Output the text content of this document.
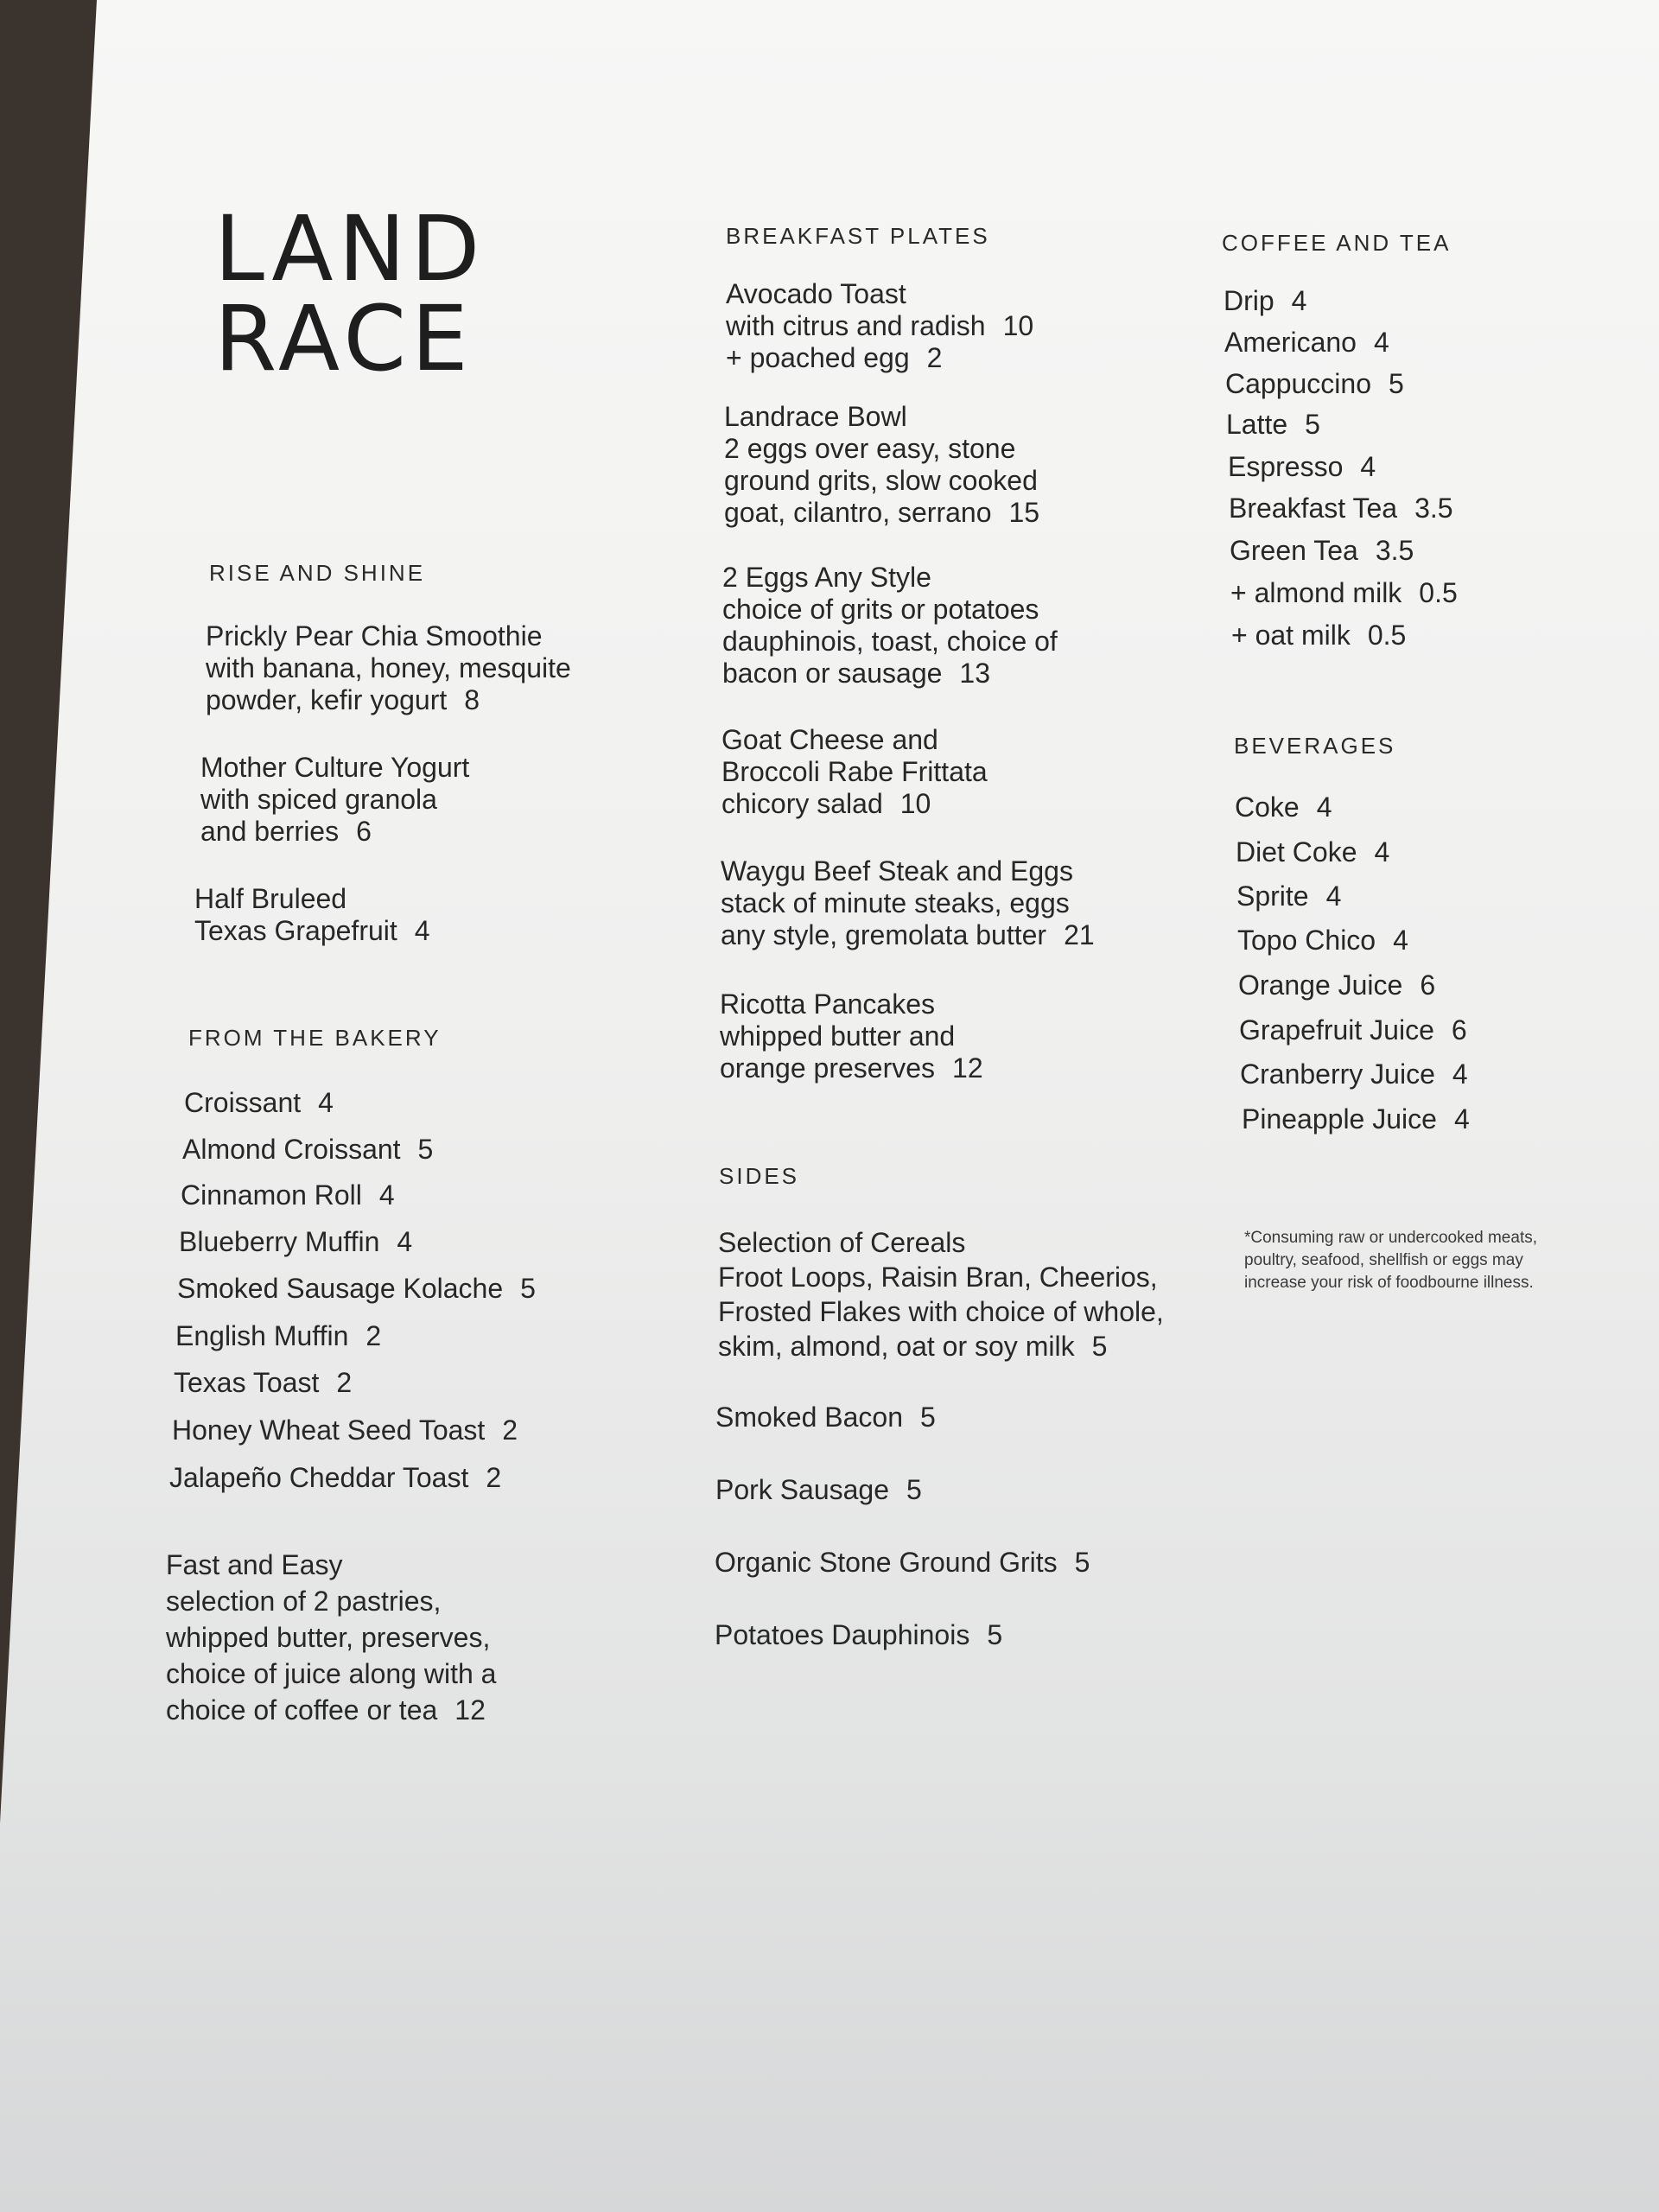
LAND
RACE
RISE AND SHINE
Prickly Pear Chia Smoothie
with banana, honey, mesquite
powder, kefir yogurt 8
Mother Culture Yogurt
with spiced granola
and berries 6
Half Bruleed
Texas Grapefruit 4
FROM THE BAKERY
Croissant 4
Almond Croissant 5
Cinnamon Roll 4
Blueberry Muffin 4
Smoked Sausage Kolache 5
English Muffin 2
Texas Toast 2
Honey Wheat Seed Toast 2
Jalapeño Cheddar Toast 2
Fast and Easy
selection of 2 pastries,
whipped butter, preserves,
choice of juice along with a
choice of coffee or tea 12
BREAKFAST PLATES
Avocado Toast
with citrus and radish 10
+ poached egg 2
Landrace Bowl
2 eggs over easy, stone
ground grits, slow cooked
goat, cilantro, serrano 15
2 Eggs Any Style
choice of grits or potatoes
dauphinois, toast, choice of
bacon or sausage 13
Goat Cheese and
Broccoli Rabe Frittata
chicory salad 10
Waygu Beef Steak and Eggs
stack of minute steaks, eggs
any style, gremolata butter 21
Ricotta Pancakes
whipped butter and
orange preserves 12
SIDES
Selection of Cereals
Froot Loops, Raisin Bran, Cheerios,
Frosted Flakes with choice of whole,
skim, almond, oat or soy milk 5
Smoked Bacon 5
Pork Sausage 5
Organic Stone Ground Grits 5
Potatoes Dauphinois 5
COFFEE AND TEA
Drip 4
Americano 4
Cappuccino 5
Latte 5
Espresso 4
Breakfast Tea 3.5
Green Tea 3.5
+ almond milk 0.5
+ oat milk 0.5
BEVERAGES
Coke 4
Diet Coke 4
Sprite 4
Topo Chico 4
Orange Juice 6
Grapefruit Juice 6
Cranberry Juice 4
Pineapple Juice 4
*Consuming raw or undercooked meats,
poultry, seafood, shellfish or eggs may
increase your risk of foodbourne illness.
